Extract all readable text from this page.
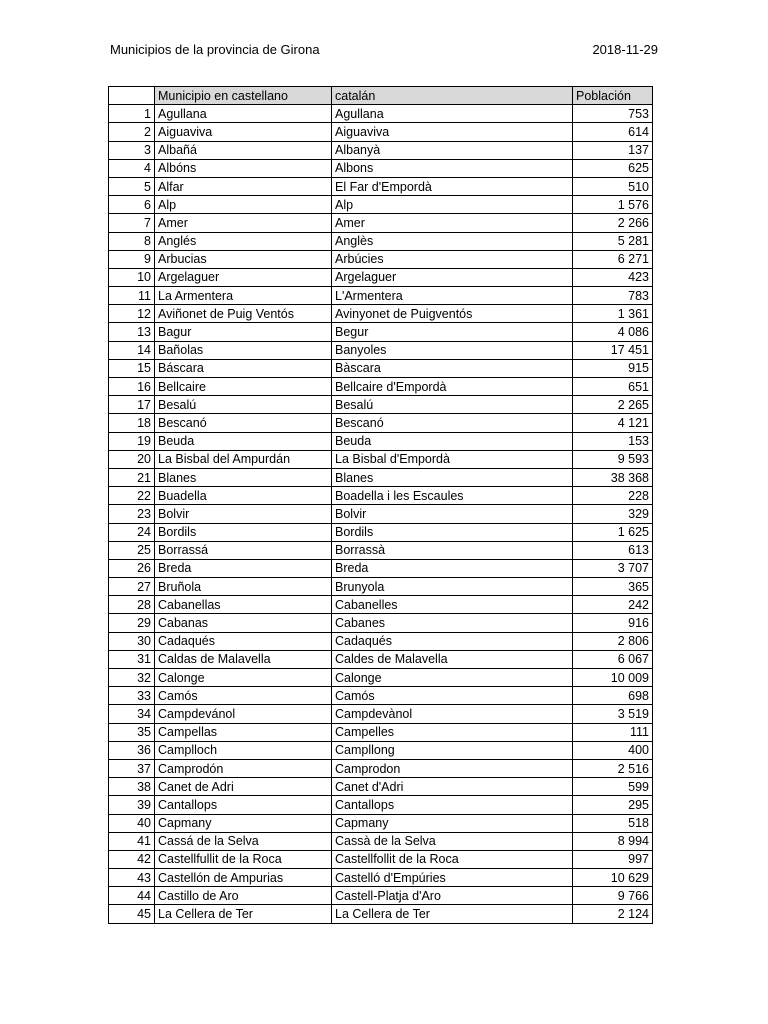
Municipios de la provincia de Girona	2018-11-29
	Municipio en castellano	catalán	Población
1	Agullana	Agullana	753
2	Aiguaviva	Aiguaviva	614
3	Albañá	Albanyà	137
4	Albóns	Albons	625
5	Alfar	El Far d'Empordà	510
6	Alp	Alp	1 576
7	Amer	Amer	2 266
8	Anglés	Anglès	5 281
9	Arbucias	Arbúcies	6 271
10	Argelaguer	Argelaguer	423
11	La Armentera	L'Armentera	783
12	Aviñonet de Puig Ventós	Avinyonet de Puigventós	1 361
13	Bagur	Begur	4 086
14	Bañolas	Banyoles	17 451
15	Báscara	Bàscara	915
16	Bellcaire	Bellcaire d'Empordà	651
17	Besalú	Besalú	2 265
18	Bescanó	Bescanó	4 121
19	Beuda	Beuda	153
20	La Bisbal del Ampurdán	La Bisbal d'Empordà	9 593
21	Blanes	Blanes	38 368
22	Buadella	Boadella i les Escaules	228
23	Bolvir	Bolvir	329
24	Bordils	Bordils	1 625
25	Borrassá	Borrassà	613
26	Breda	Breda	3 707
27	Bruñola	Brunyola	365
28	Cabanellas	Cabanelles	242
29	Cabanas	Cabanes	916
30	Cadaqués	Cadaqués	2 806
31	Caldas de Malavella	Caldes de Malavella	6 067
32	Calonge	Calonge	10 009
33	Camós	Camós	698
34	Campdevánol	Campdevànol	3 519
35	Campellas	Campelles	111
36	Camplloch	Campllong	400
37	Camprodón	Camprodon	2 516
38	Canet de Adri	Canet d'Adri	599
39	Cantallops	Cantallops	295
40	Capmany	Capmany	518
41	Cassá de la Selva	Cassà de la Selva	8 994
42	Castellfullit de la Roca	Castellfollit de la Roca	997
43	Castellón de Ampurias	Castelló d'Empúries	10 629
44	Castillo de Aro	Castell-Platja d'Aro	9 766
45	La Cellera de Ter	La Cellera de Ter	2 124
